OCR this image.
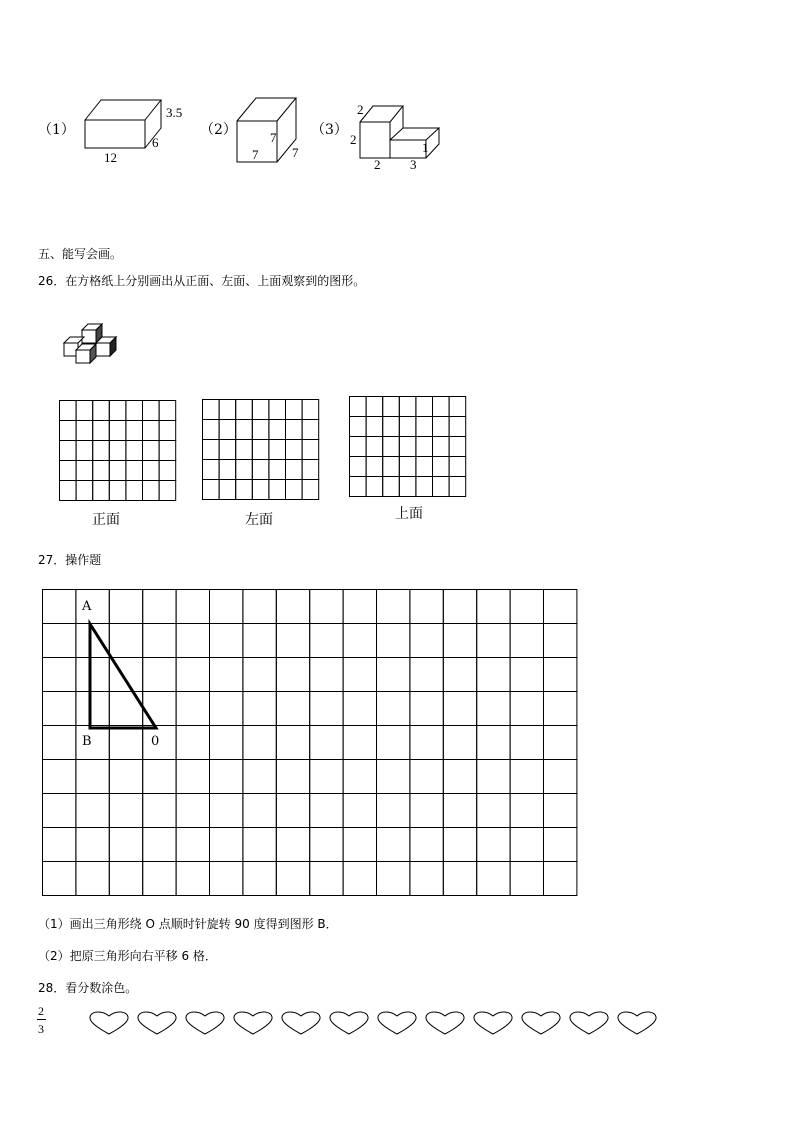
（1）
3.5
6
12
（2）	7
7	7
（3）
2
2
1
2 3
五、能写会画。
26．在方格纸上分别画出从正面、左面、上面观察到的图形。
正面	左面	上面
27．操作题
A
B	0
（1）画出三角形绕 O 点顺时针旋转 90 度得到图形 B．
（2）把原三角形向右平移 6 格．
28．看分数涂色。
2
3
